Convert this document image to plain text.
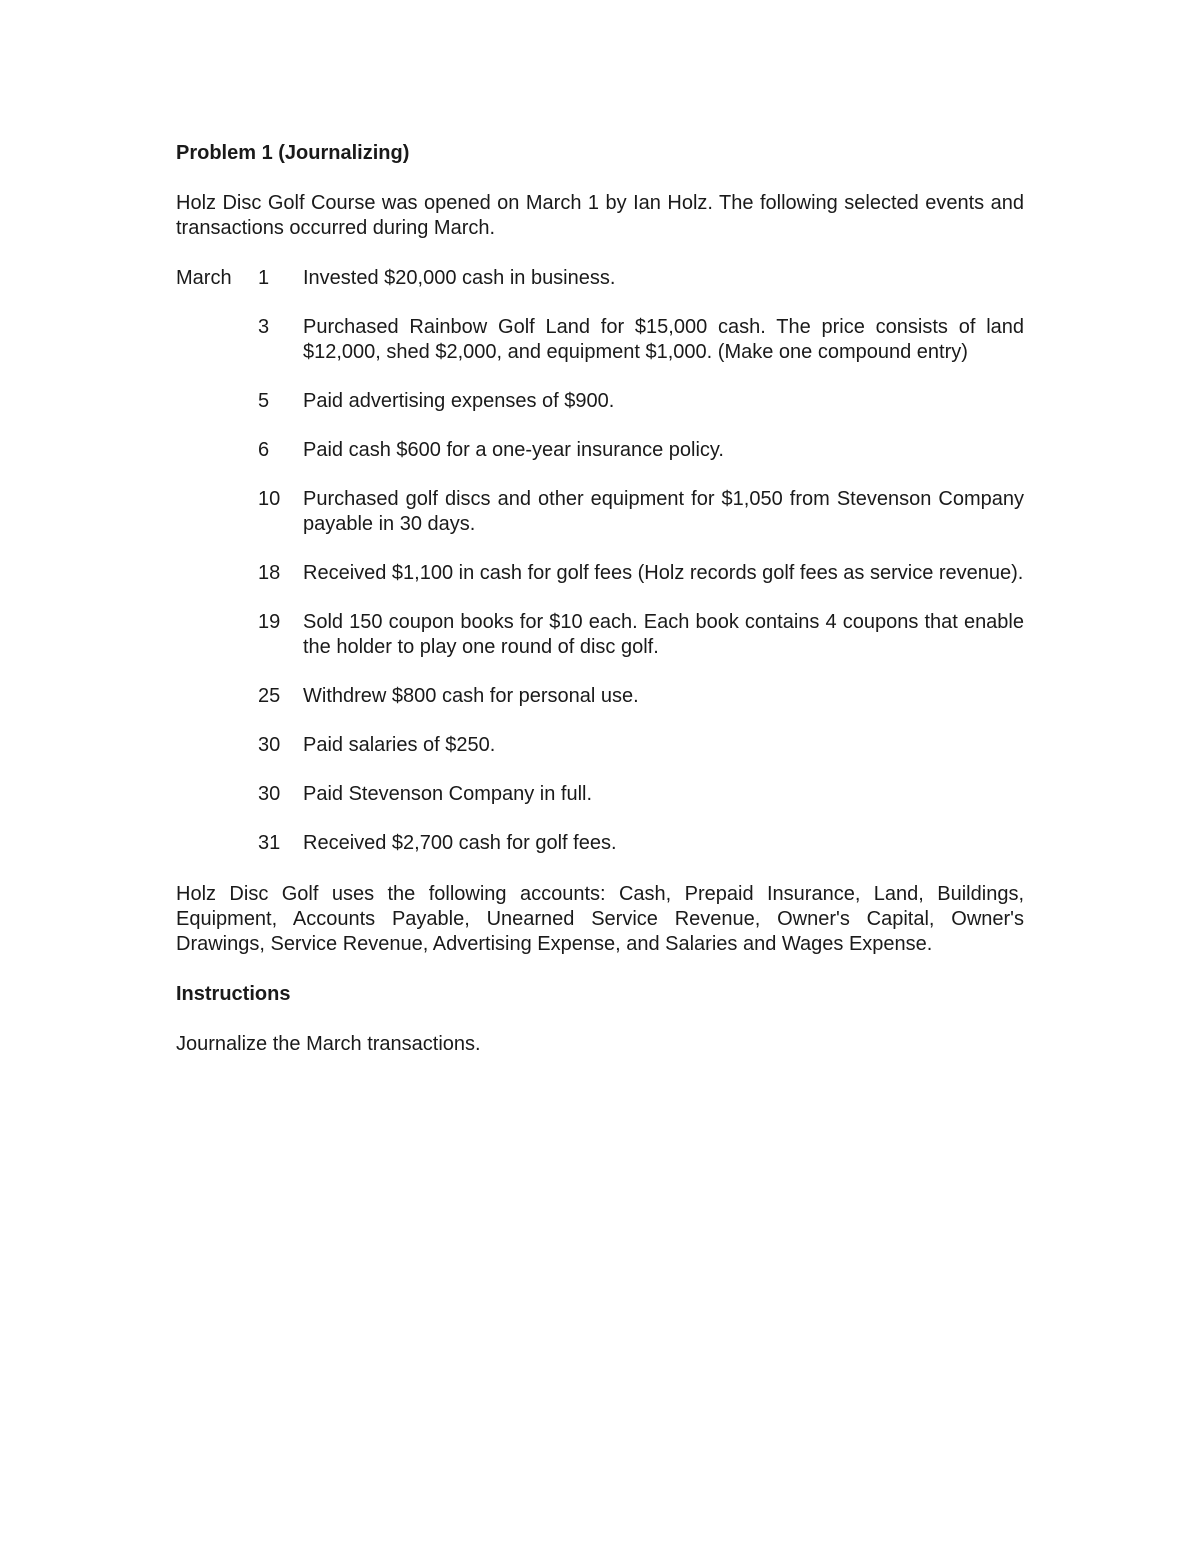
Problem 1 (Journalizing)

Holz Disc Golf Course was opened on March 1 by Ian Holz. The following selected events and transactions occurred during March.

March	1	Invested $20,000 cash in business.
3	Purchased Rainbow Golf Land for $15,000 cash. The price consists of land $12,000, shed $2,000, and equipment $1,000. (Make one compound entry)
5	Paid advertising expenses of $900.
6	Paid cash $600 for a one-year insurance policy.
10	Purchased golf discs and other equipment for $1,050 from Stevenson Company payable in 30 days.
18	Received $1,100 in cash for golf fees (Holz records golf fees as service revenue).
19	Sold 150 coupon books for $10 each. Each book contains 4 coupons that enable the holder to play one round of disc golf.
25	Withdrew $800 cash for personal use.
30	Paid salaries of $250.
30	Paid Stevenson Company in full.
31	Received $2,700 cash for golf fees.

Holz Disc Golf uses the following accounts: Cash, Prepaid Insurance, Land, Buildings, Equipment, Accounts Payable, Unearned Service Revenue, Owner's Capital, Owner's Drawings, Service Revenue, Advertising Expense, and Salaries and Wages Expense.

Instructions

Journalize the March transactions.
